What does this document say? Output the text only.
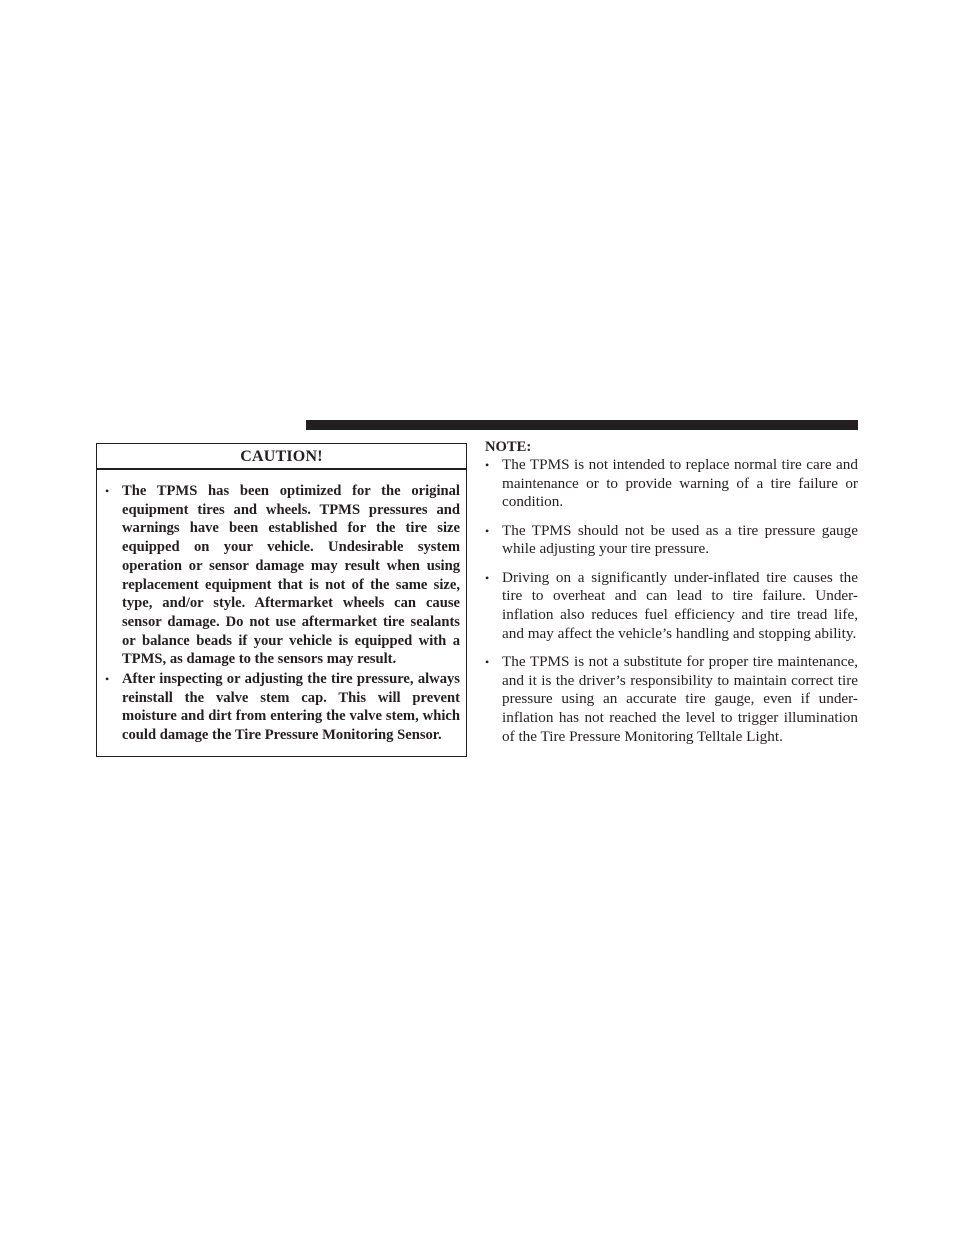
CAUTION!
• The TPMS has been optimized for the original equipment tires and wheels. TPMS pressures and warnings have been established for the tire size equipped on your vehicle. Undesirable system operation or sensor damage may result when using replacement equipment that is not of the same size, type, and/or style. Aftermarket wheels can cause sensor damage. Do not use aftermarket tire sealants or balance beads if your vehicle is equipped with a TPMS, as damage to the sensors may result.
• After inspecting or adjusting the tire pressure, always reinstall the valve stem cap. This will prevent moisture and dirt from entering the valve stem, which could damage the Tire Pressure Monitoring Sensor.

NOTE:

• The TPMS is not intended to replace normal tire care and maintenance or to provide warning of a tire failure or condition.
• The TPMS should not be used as a tire pressure gauge while adjusting your tire pressure.
• Driving on a significantly under-inflated tire causes the tire to overheat and can lead to tire failure. Under-inflation also reduces fuel efficiency and tire tread life, and may affect the vehicle’s handling and stopping ability.
• The TPMS is not a substitute for proper tire maintenance, and it is the driver’s responsibility to maintain correct tire pressure using an accurate tire gauge, even if under-inflation has not reached the level to trigger illumination of the Tire Pressure Monitoring Telltale Light.
